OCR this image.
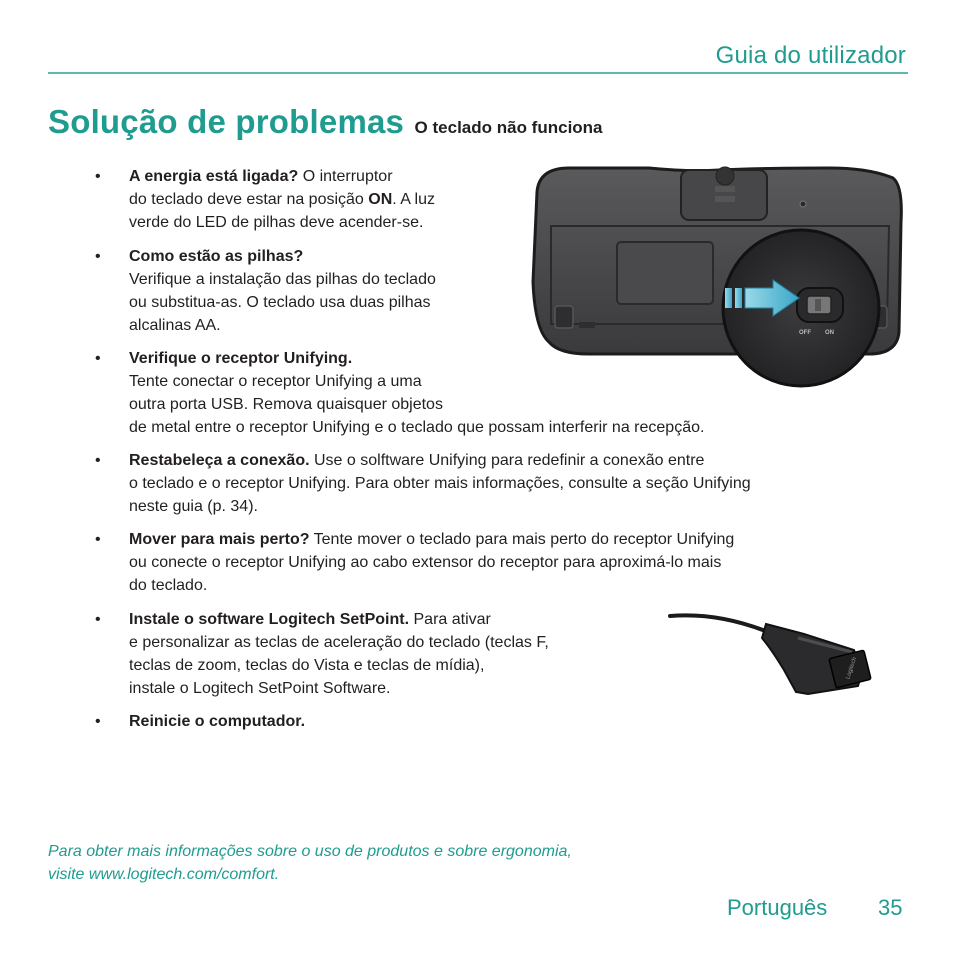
Guia do utilizador
Solução de problemas O teclado não funciona
• A energia está ligada? O interruptor
do teclado deve estar na posição ON. A luz
verde do LED de pilhas deve acender-se.
• Como estão as pilhas?
Verifique a instalação das pilhas do teclado
ou substitua-as. O teclado usa duas pilhas
alcalinas AA.
• Verifique o receptor Unifying.
Tente conectar o receptor Unifying a uma
outra porta USB. Remova quaisquer objetos
de metal entre o receptor Unifying e o teclado que possam interferir na recepção.
• Restabeleça a conexão. Use o solftware Unifying para redefinir a conexão entre
o teclado e o receptor Unifying. Para obter mais informações, consulte a seção Unifying
neste guia (p. 34).
• Mover para mais perto? Tente mover o teclado para mais perto do receptor Unifying
ou conecte o receptor Unifying ao cabo extensor do receptor para aproximá-lo mais
do teclado.
• Instale o software Logitech SetPoint. Para ativar
e personalizar as teclas de aceleração do teclado (teclas F,
teclas de zoom, teclas do Vista e teclas de mídia),
instale o Logitech SetPoint Software.
• Reinicie o computador.
OFF ON
Logitech
Para obter mais informações sobre o uso de produtos e sobre ergonomia,
visite www.logitech.com/comfort.
Português 35
